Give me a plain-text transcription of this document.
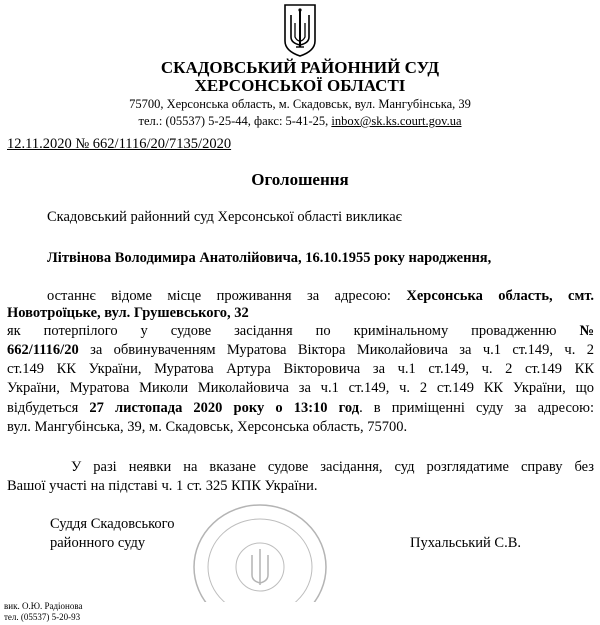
СКАДОВСЬКИЙ РАЙОННИЙ СУД
ХЕРСОНСЬКОЇ ОБЛАСТІ
75700, Херсонська область, м. Скадовськ, вул. Мангубінська, 39
тел.: (05537) 5-25-44, факс: 5-41-25, inbox@sk.ks.court.gov.ua
12.11.2020 № 662/1116/20/7135/2020
Оголошення
Скадовський районний суд Херсонської області викликає
Літвінова Володимира Анатолійовича, 16.10.1955 року народження,
останнє відоме місце проживання за адресою: Херсонська область, смт.
Новотроїцьке, вул. Грушевського, 32
як потерпілого у судове засідання по кримінальному провадженню №
662/1116/20 за обвинуваченням Муратова Віктора Миколайовича за ч.1 ст.149, ч. 2
ст.149 КК України, Муратова Артура Вікторовича за ч.1 ст.149, ч. 2 ст.149 КК
України, Муратова Миколи Миколайовича за ч.1 ст.149, ч. 2 ст.149 КК України, що
відбудеться 27 листопада 2020 року о 13:10 год. в приміщенні суду за адресою:
вул. Мангубінська, 39, м. Скадовськ, Херсонська область, 75700.
У разі неявки на вказане судове засідання, суд розглядатиме справу без
Вашої участі на підставі ч. 1 ст. 325 КПК України.
Суддя Скадовського
районного суду	Пухальський С.В.
вик. О.Ю. Радіонова
тел. (05537) 5-20-93
